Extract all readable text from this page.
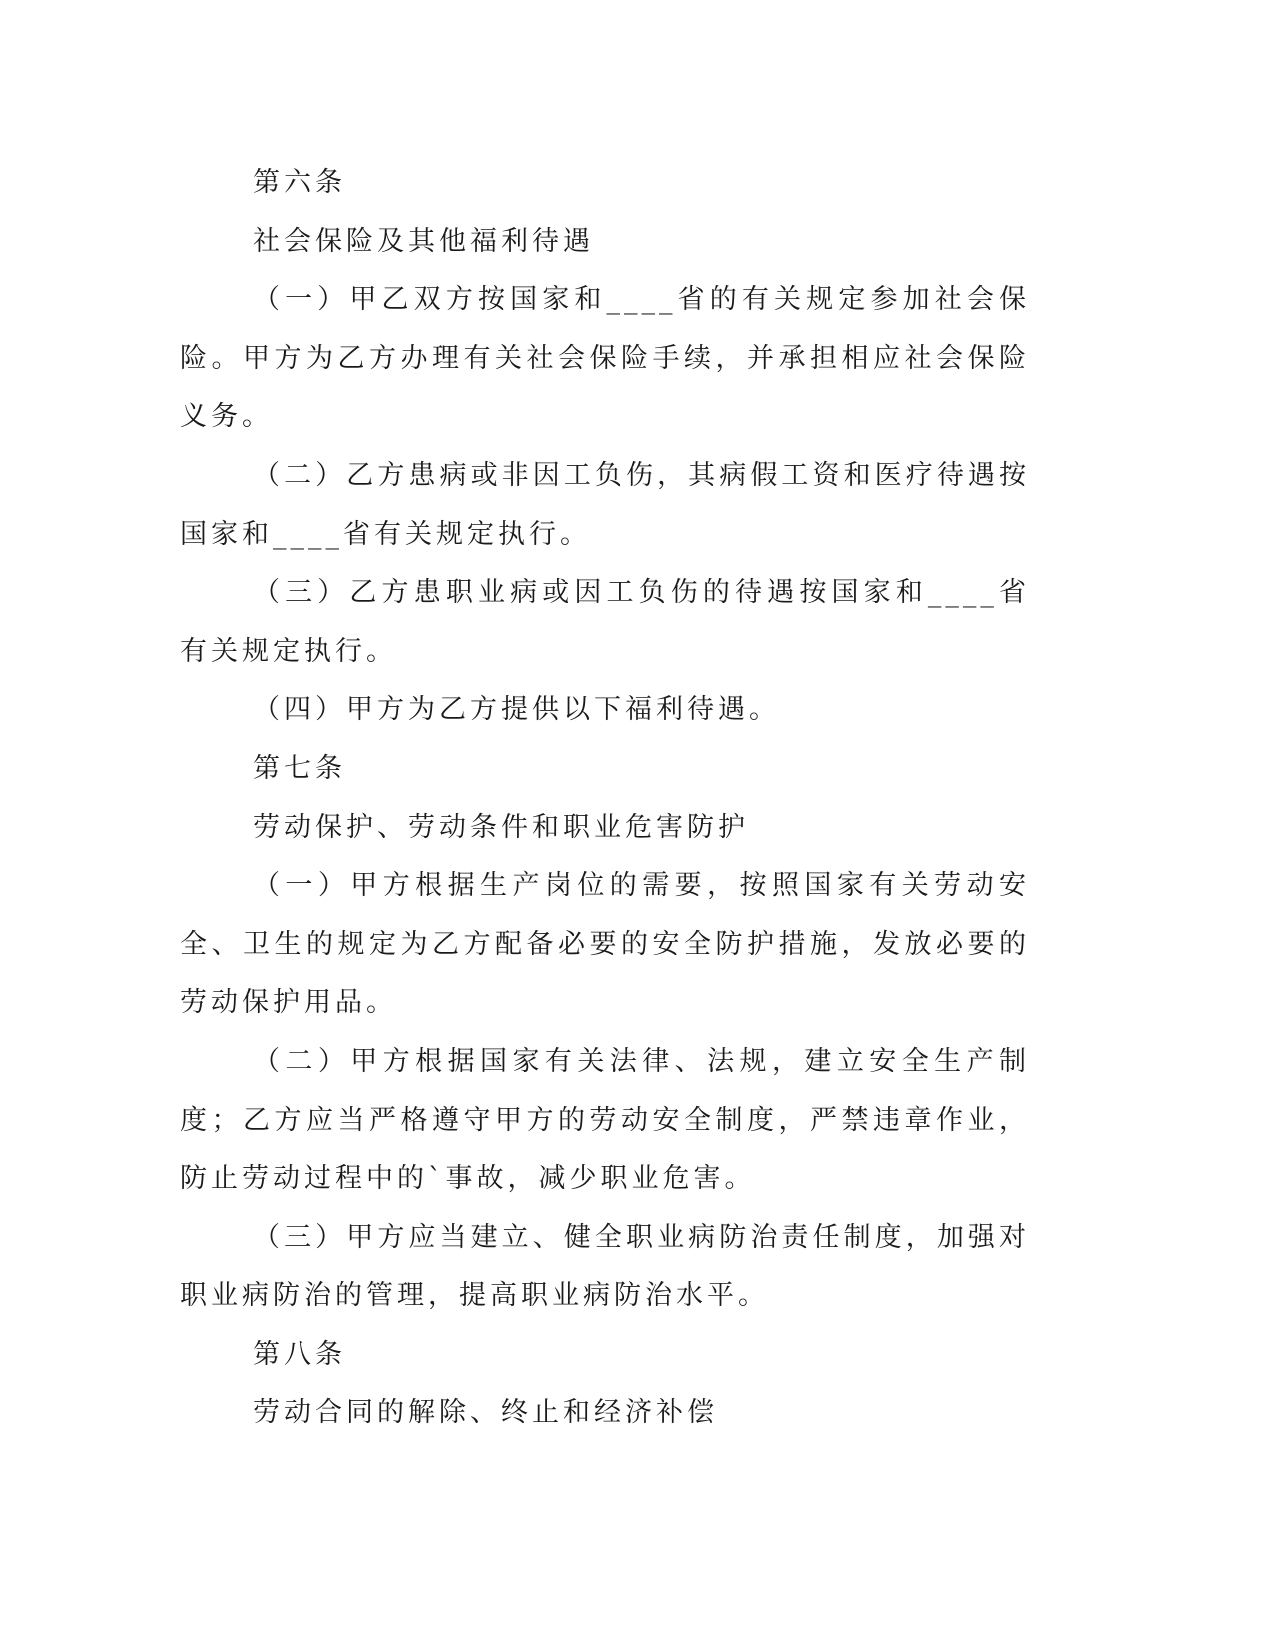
第六条

社会保险及其他福利待遇

（一）甲乙双方按国家和____省的有关规定参加社会保险。甲方为乙方办理有关社会保险手续，并承担相应社会保险义务。

（二）乙方患病或非因工负伤，其病假工资和医疗待遇按国家和____省有关规定执行。

（三）乙方患职业病或因工负伤的待遇按国家和____省有关规定执行。

（四）甲方为乙方提供以下福利待遇。

第七条

劳动保护、劳动条件和职业危害防护

（一）甲方根据生产岗位的需要，按照国家有关劳动安全、卫生的规定为乙方配备必要的安全防护措施，发放必要的劳动保护用品。

（二）甲方根据国家有关法律、法规，建立安全生产制度；乙方应当严格遵守甲方的劳动安全制度，严禁违章作业，防止劳动过程中的`事故，减少职业危害。

（三）甲方应当建立、健全职业病防治责任制度，加强对职业病防治的管理，提高职业病防治水平。

第八条

劳动合同的解除、终止和经济补偿
